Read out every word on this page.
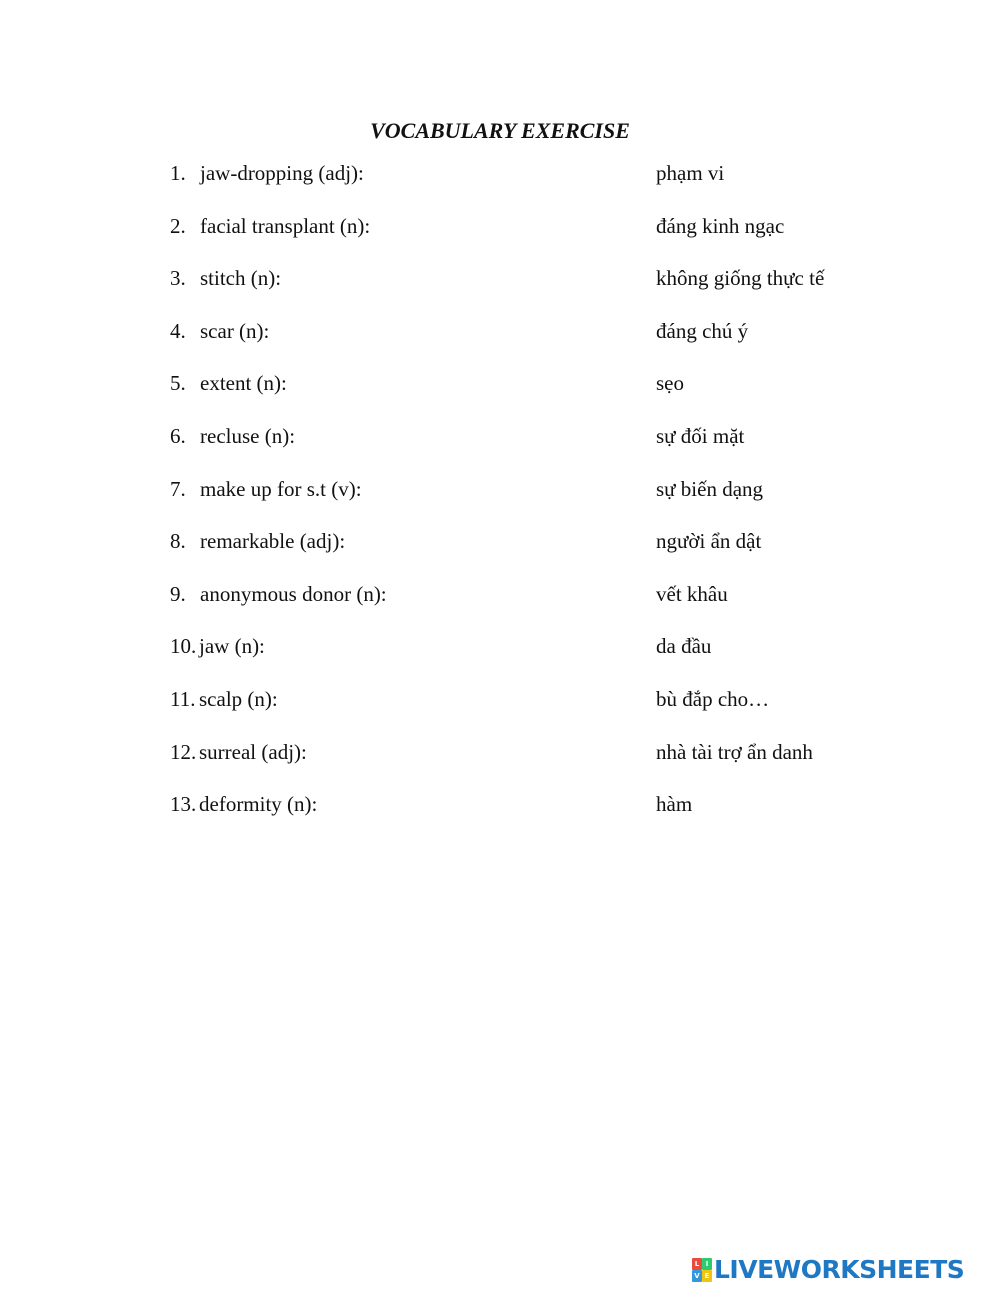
VOCABULARY EXERCISE
1. jaw-dropping (adj):	phạm vi
2. facial transplant (n):	đáng kinh ngạc
3. stitch (n):	không giống thực tế
4. scar (n):	đáng chú ý
5. extent (n):	sẹo
6. recluse (n):	sự đối mặt
7. make up for s.t (v):	sự biến dạng
8. remarkable (adj):	người ẩn dật
9. anonymous donor (n):	vết khâu
10. jaw (n):	da đầu
11. scalp (n):	bù đắp cho…
12. surreal (adj):	nhà tài trợ ẩn danh
13. deformity (n):	hàm
L I
V E LIVEWORKSHEETS
